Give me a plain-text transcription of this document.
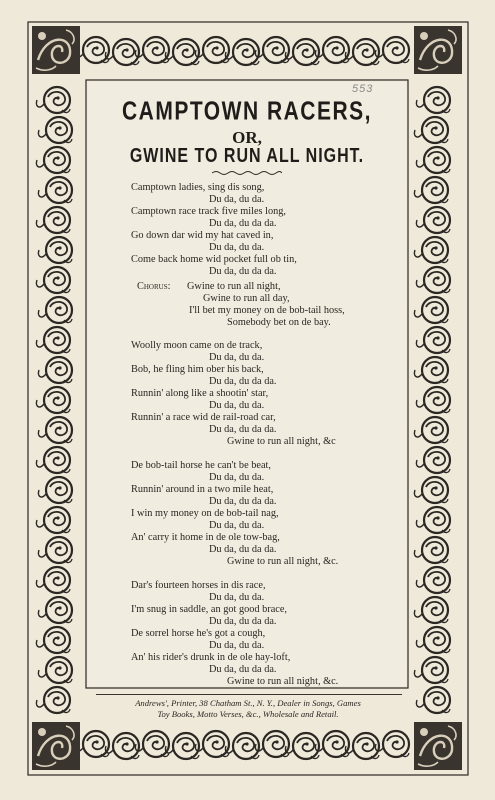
553
CAMPTOWN RACERS,
OR,
GWINE TO RUN ALL NIGHT.
Camptown ladies, sing dis song,
Du da, du da.
Camptown race track five miles long,
Du da, du da da.
Go down dar wid my hat caved in,
Du da, du da.
Come back home wid pocket full ob tin,
Du da, du da da.
Chorus: Gwine to run all night,
Gwine to run all day,
I'll bet my money on de bob-tail hoss,
Somebody bet on de bay.
Woolly moon came on de track,
Du da, du da.
Bob, he fling him ober his back,
Du da, du da da.
Runnin' along like a shootin' star,
Du da, du da.
Runnin' a race wid de rail-road car,
Du da, du da da.
Gwine to run all night, &c
De bob-tail horse he can't be beat,
Du da, du da.
Runnin' around in a two mile heat,
Du da, du da da.
I win my money on de bob-tail nag,
Du da, du da.
An' carry it home in de ole tow-bag,
Du da, du da da.
Gwine to run all night, &c.
Dar's fourteen horses in dis race,
Du da, du da.
I'm snug in saddle, an got good brace,
Du da, du da da.
De sorrel horse he's got a cough,
Du da, du da.
An' his rider's drunk in de ole hay-loft,
Du da, du da da.
Gwine to run all night, &c.
Andrews', Printer, 38 Chatham St., N. Y., Dealer in Songs, Games
Toy Books, Motto Verses, &c., Wholesale and Retail.
